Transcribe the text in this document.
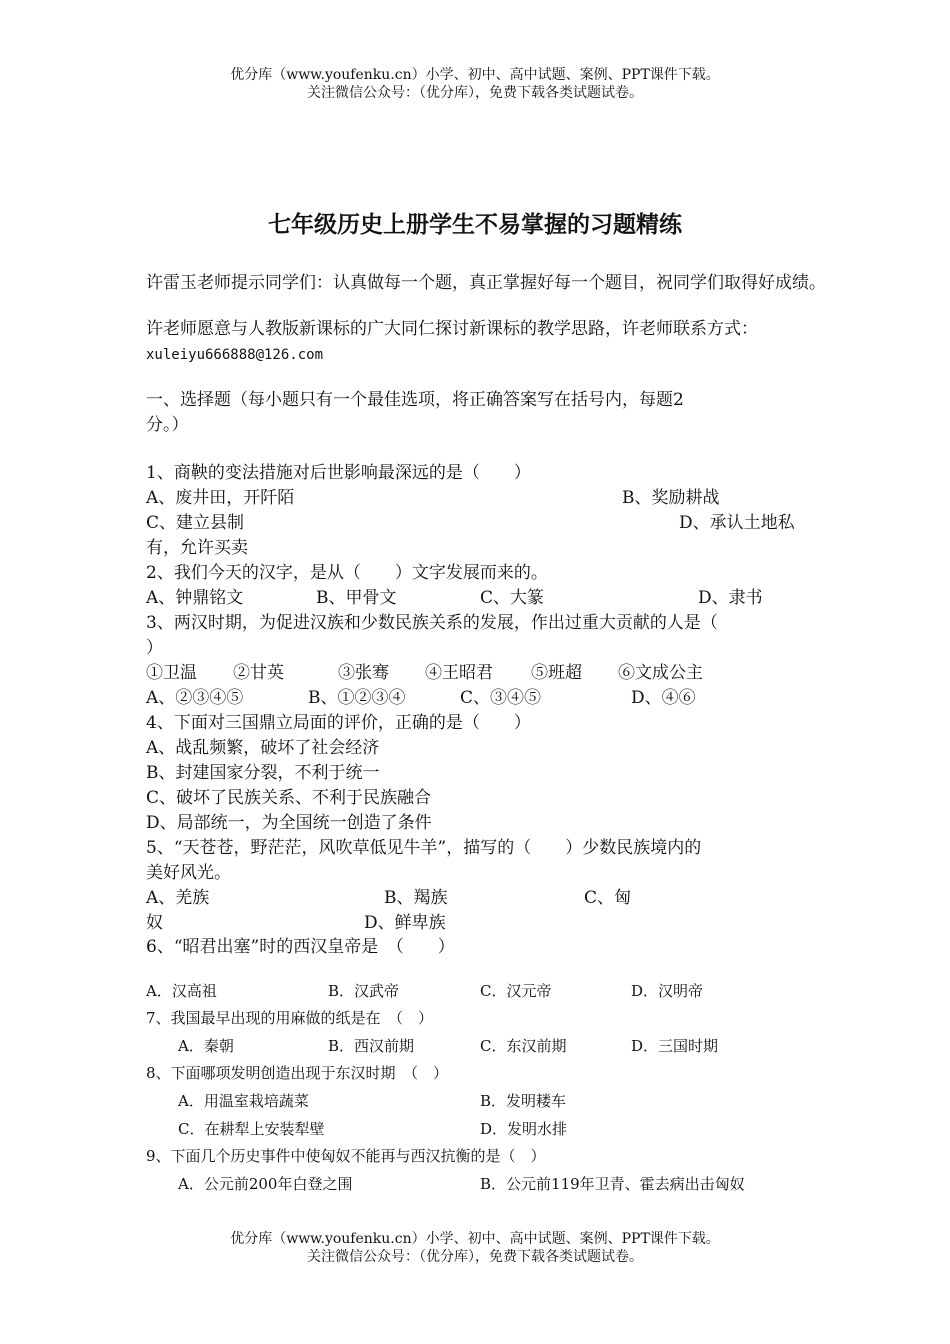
优分库（www.youfenku.cn）小学、初中、高中试题、案例、PPT课件下载。
关注微信公众号：（优分库），免费下载各类试题试卷。
七年级历史上册学生不易掌握的习题精练
许雷玉老师提示同学们：认真做每一个题，真正掌握好每一个题目，祝同学们取得好成绩。
许老师愿意与人教版新课标的广大同仁探讨新课标的教学思路，许老师联系方式：
xuleiyu666888@126.com
一、选择题（每小题只有一个最佳选项，将正确答案写在括号内，每题2
分。）
1、商鞅的变法措施对后世影响最深远的是（　　）
A、废井田，开阡陌	B、奖励耕战
C、建立县制	D、承认土地私
有，允许买卖
2、我们今天的汉字，是从（　　）文字发展而来的。
A、钟鼎铭文	B、甲骨文	C、大篆	D、隶书
3、两汉时期，为促进汉族和少数民族关系的发展，作出过重大贡献的人是（
）
①卫温 ②甘英	③张骞 ④王昭君 ⑤班超 ⑥文成公主
A、②③④⑤	B、①②③④	C、③④⑤	D、④⑥
4、下面对三国鼎立局面的评价，正确的是（　　）
A、战乱频繁，破坏了社会经济
B、封建国家分裂，不利于统一
C、破坏了民族关系、不利于民族融合
D、局部统一，为全国统一创造了条件
5、“天苍苍，野茫茫，风吹草低见牛羊”，描写的（　　）少数民族境内的
美好风光。
A、羌族	B、羯族	C、匈
奴	D、鲜卑族
6、“昭君出塞”时的西汉皇帝是　（　　）
A．汉高祖	B．汉武帝	C．汉元帝	D．汉明帝
7、我国最早出现的用麻做的纸是在　（　）
A．秦朝	B．西汉前期	C．东汉前期	D．三国时期
8、下面哪项发明创造出现于东汉时期　（　）
A．用温室栽培蔬菜	B．发明耧车
C．在耕犁上安装犁壁	D．发明水排
9、下面几个历史事件中使匈奴不能再与西汉抗衡的是（　）
A．公元前200年白登之围	B．公元前119年卫青、霍去病出击匈奴
优分库（www.youfenku.cn）小学、初中、高中试题、案例、PPT课件下载。
关注微信公众号：（优分库），免费下载各类试题试卷。
